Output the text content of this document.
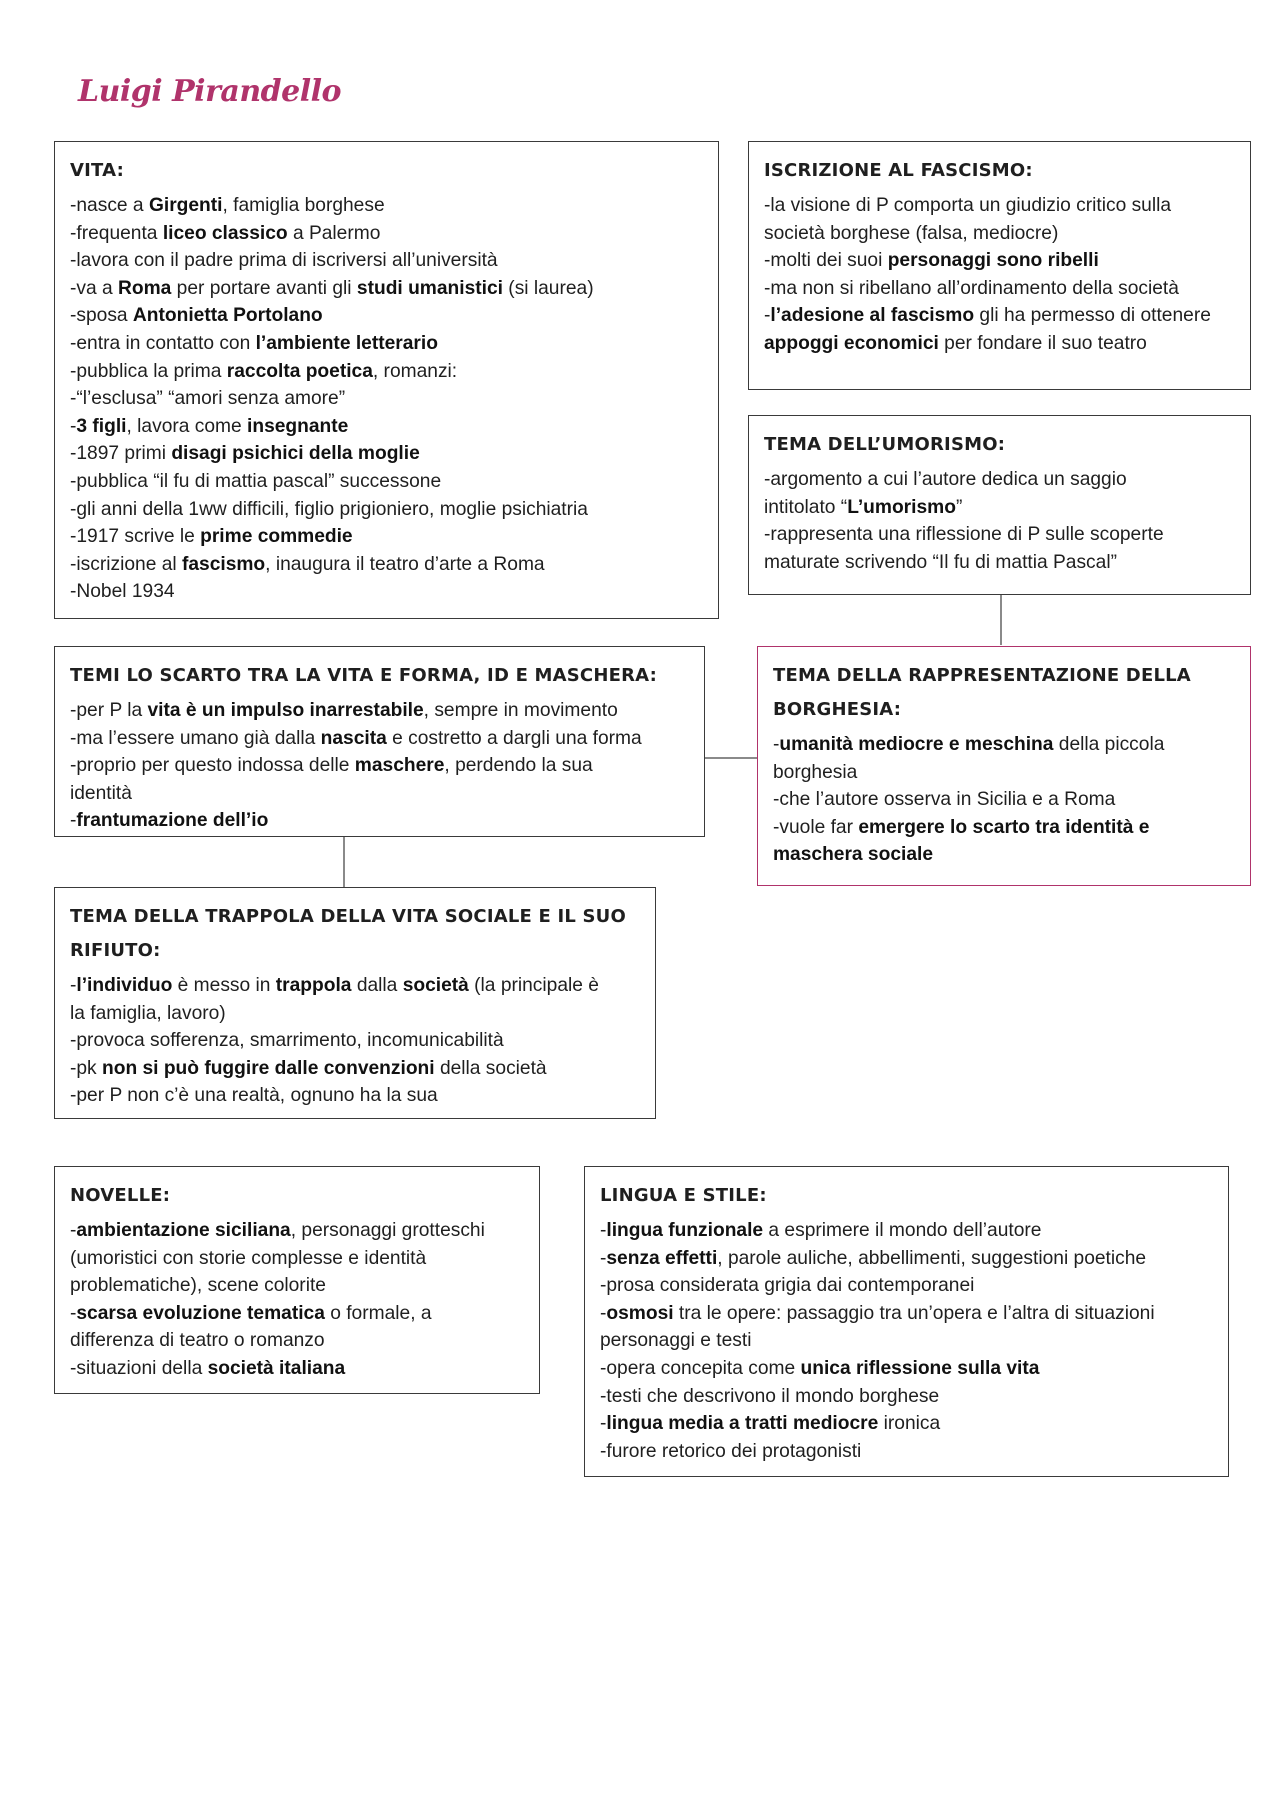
Luigi Pirandello
VITA:
-nasce a Girgenti, famiglia borghese
-frequenta liceo classico a Palermo
-lavora con il padre prima di iscriversi all’università
-va a Roma per portare avanti gli studi umanistici (si laurea)
-sposa Antonietta Portolano
-entra in contatto con l’ambiente letterario
-pubblica la prima raccolta poetica, romanzi:
-“l’esclusa” “amori senza amore”
-3 figli, lavora come insegnante
-1897 primi disagi psichici della moglie
-pubblica “il fu di mattia pascal” successone
-gli anni della 1ww difficili, figlio prigioniero, moglie psichiatria
-1917 scrive le prime commedie
-iscrizione al fascismo, inaugura il teatro d’arte a Roma
-Nobel 1934
ISCRIZIONE AL FASCISMO:
-la visione di P comporta un giudizio critico sulla
società borghese (falsa, mediocre)
-molti dei suoi personaggi sono ribelli
-ma non si ribellano all’ordinamento della società
-l’adesione al fascismo gli ha permesso di ottenere
appoggi economici per fondare il suo teatro
TEMA DELL’UMORISMO:
-argomento a cui l’autore dedica un saggio
intitolato “L’umorismo”
-rappresenta una riflessione di P sulle scoperte
maturate scrivendo “Il fu di mattia Pascal”
TEMI LO SCARTO TRA LA VITA E FORMA, ID E MASCHERA:
-per P la vita è un impulso inarrestabile, sempre in movimento
-ma l’essere umano già dalla nascita e costretto a dargli una forma
-proprio per questo indossa delle maschere, perdendo la sua
identità
-frantumazione dell’io
TEMA DELLA RAPPRESENTAZIONE DELLA
BORGHESIA:
-umanità mediocre e meschina della piccola
borghesia
-che l’autore osserva in Sicilia e a Roma
-vuole far emergere lo scarto tra identità e
maschera sociale
TEMA DELLA TRAPPOLA DELLA VITA SOCIALE E IL SUO
RIFIUTO:
-l’individuo è messo in trappola dalla società (la principale è
la famiglia, lavoro)
-provoca sofferenza, smarrimento, incomunicabilità
-pk non si può fuggire dalle convenzioni della società
-per P non c’è una realtà, ognuno ha la sua
NOVELLE:
-ambientazione siciliana, personaggi grotteschi
(umoristici con storie complesse e identità
problematiche), scene colorite
-scarsa evoluzione tematica o formale, a
differenza di teatro o romanzo
-situazioni della società italiana
LINGUA E STILE:
-lingua funzionale a esprimere il mondo dell’autore
-senza effetti, parole auliche, abbellimenti, suggestioni poetiche
-prosa considerata grigia dai contemporanei
-osmosi tra le opere: passaggio tra un’opera e l’altra di situazioni
personaggi e testi
-opera concepita come unica riflessione sulla vita
-testi che descrivono il mondo borghese
-lingua media a tratti mediocre ironica
-furore retorico dei protagonisti
